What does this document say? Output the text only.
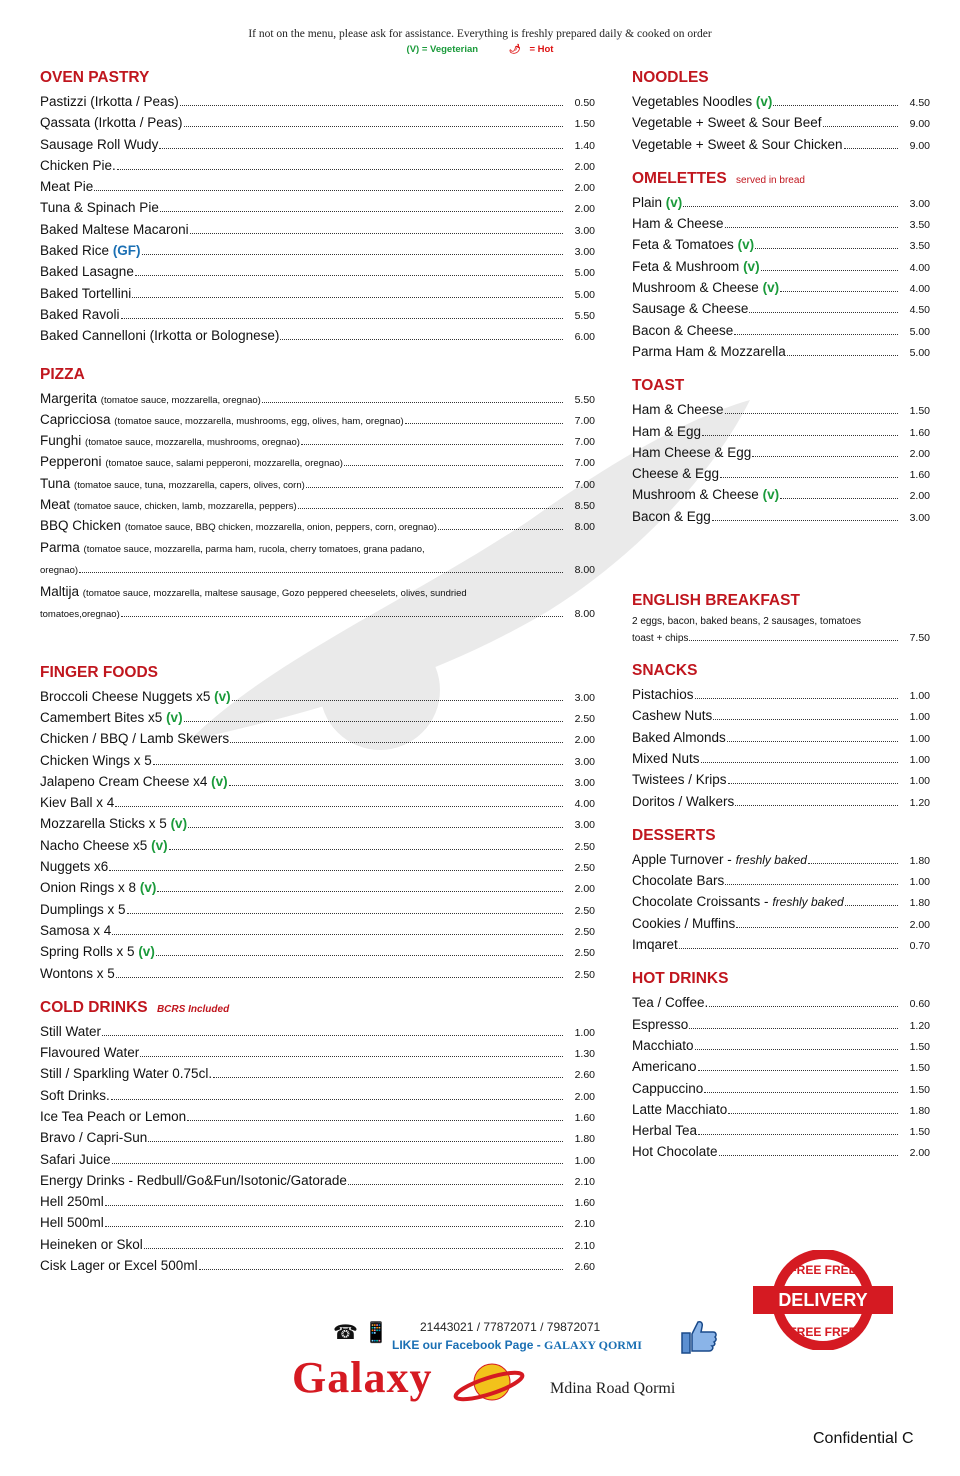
If not on the menu, please ask for assistance. Everything is freshly prepared daily & cooked on order
(V) = Vegeterian	🌶 = Hot
OVEN PASTRY
Pastizzi (Irkotta / Peas)	0.50
Qassata (Irkotta / Peas)	1.50
Sausage Roll Wudy	1.40
Chicken Pie.	2.00
Meat Pie	2.00
Tuna & Spinach Pie	2.00
Baked Maltese Macaroni	3.00
Baked Rice (GF)	3.00
Baked Lasagne	5.00
Baked Tortellini	5.00
Baked Ravoli	5.50
Baked Cannelloni (Irkotta or Bolognese)	6.00
PIZZA
Margerita (tomatoe sauce, mozzarella, oregnao)	5.50
Capricciosa (tomatoe sauce, mozzarella, mushrooms, egg, olives, ham, oregnao)	7.00
Funghi (tomatoe sauce, mozzarella, mushrooms, oregnao)	7.00
Pepperoni (tomatoe sauce, salami pepperoni, mozzarella, oregnao)	7.00
Tuna (tomatoe sauce, tuna, mozzarella, capers, olives, corn)	7.00
Meat (tomatoe sauce, chicken, lamb, mozzarella, peppers)	8.50
BBQ Chicken (tomatoe sauce, BBQ chicken, mozzarella, onion, peppers, corn, oregnao)	8.00
Parma (tomatoe sauce, mozzarella, parma ham, rucola, cherry tomatoes, grana padano,
oregnao)	8.00
Maltija (tomatoe sauce, mozzarella, maltese sausage, Gozo peppered cheeselets, olives, sundried
tomatoes,oregnao)	8.00
FINGER FOODS
Broccoli Cheese Nuggets x5 (v)	3.00
Camembert Bites x5 (v)	2.50
Chicken / BBQ / Lamb Skewers	2.00
Chicken Wings x 5	3.00
Jalapeno Cream Cheese x4 (v)	3.00
Kiev Ball x 4	4.00
Mozzarella Sticks x 5 (v)	3.00
Nacho Cheese x5 (v)	2.50
Nuggets x6	2.50
Onion Rings x 8 (v)	2.00
Dumplings x 5	2.50
Samosa x 4	2.50
Spring Rolls x 5 (v)	2.50
Wontons x 5	2.50
COLD DRINKS BCRS Included
Still Water	1.00
Flavoured Water	1.30
Still / Sparkling Water 0.75cl.	2.60
Soft Drinks.	2.00
Ice Tea Peach or Lemon	1.60
Bravo / Capri-Sun	1.80
Safari Juice	1.00
Energy Drinks - Redbull/Go&Fun/Isotonic/Gatorade	2.10
Hell 250ml	1.60
Hell 500ml	2.10
Heineken or Skol	2.10
Cisk Lager or Excel 500ml	2.60
NOODLES
Vegetables Noodles (v)	4.50
Vegetable + Sweet & Sour Beef	9.00
Vegetable + Sweet & Sour Chicken	9.00
OMELETTES served in bread
Plain (v)	3.00
Ham & Cheese	3.50
Feta & Tomatoes (v)	3.50
Feta & Mushroom (v)	4.00
Mushroom & Cheese (v)	4.00
Sausage & Cheese	4.50
Bacon & Cheese	5.00
Parma Ham & Mozzarella	5.00
TOAST
Ham & Cheese	1.50
Ham & Egg	1.60
Ham Cheese & Egg	2.00
Cheese & Egg	1.60
Mushroom & Cheese (v)	2.00
Bacon & Egg	3.00
ENGLISH BREAKFAST
2 eggs, bacon, baked beans, 2 sausages, tomatoes
toast + chips	7.50
SNACKS
Pistachios	1.00
Cashew Nuts	1.00
Baked Almonds	1.00
Mixed Nuts	1.00
Twistees / Krips	1.00
Doritos / Walkers	1.20
DESSERTS
Apple Turnover - freshly baked	1.80
Chocolate Bars	1.00
Chocolate Croissants - freshly baked	1.80
Cookies / Muffins	2.00
Imqaret	0.70
HOT DRINKS
Tea / Coffee.	0.60
Espresso	1.20
Macchiato	1.50
Americano	1.50
Cappuccino	1.50
Latte Macchiato	1.80
Herbal Tea	1.50
Hot Chocolate	2.00
FREE FREE
DELIVERY
FREE FREE
☎ 📱	21443021 / 77872071 / 79872071
LIKE our Facebook Page - GALAXY QORMI
Galaxy	Mdina Road Qormi
Confidential C
